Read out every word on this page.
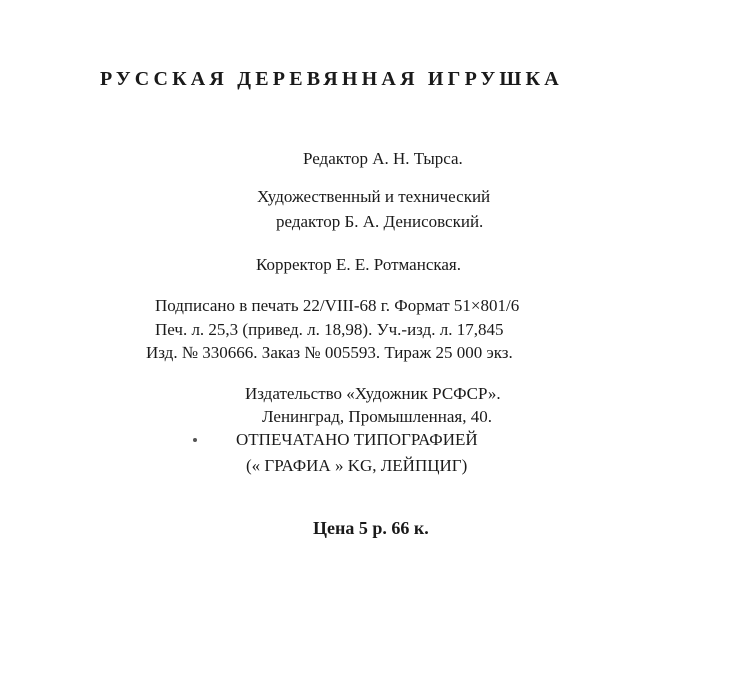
РУССКАЯ ДЕРЕВЯННАЯ ИГРУШКА
Редактор А. Н. Тырса.
Художественный и технический
редактор Б. А. Денисовский.
Корректор Е. Е. Ротманская.
Подписано в печать 22/VIII-68 г. Формат 51×801/6
Печ. л. 25,3 (привед. л. 18,98). Уч.-изд. л. 17,845
Изд. № 330666. Заказ № 005593. Тираж 25 000 экз.
Издательство «Художник РСФСР».
Ленинград, Промышленная, 40.
ОТПЕЧАТАНО ТИПОГРАФИЕЙ
(« ГРАФИА » KG, ЛЕЙПЦИГ)
Цена 5 р. 66 к.
